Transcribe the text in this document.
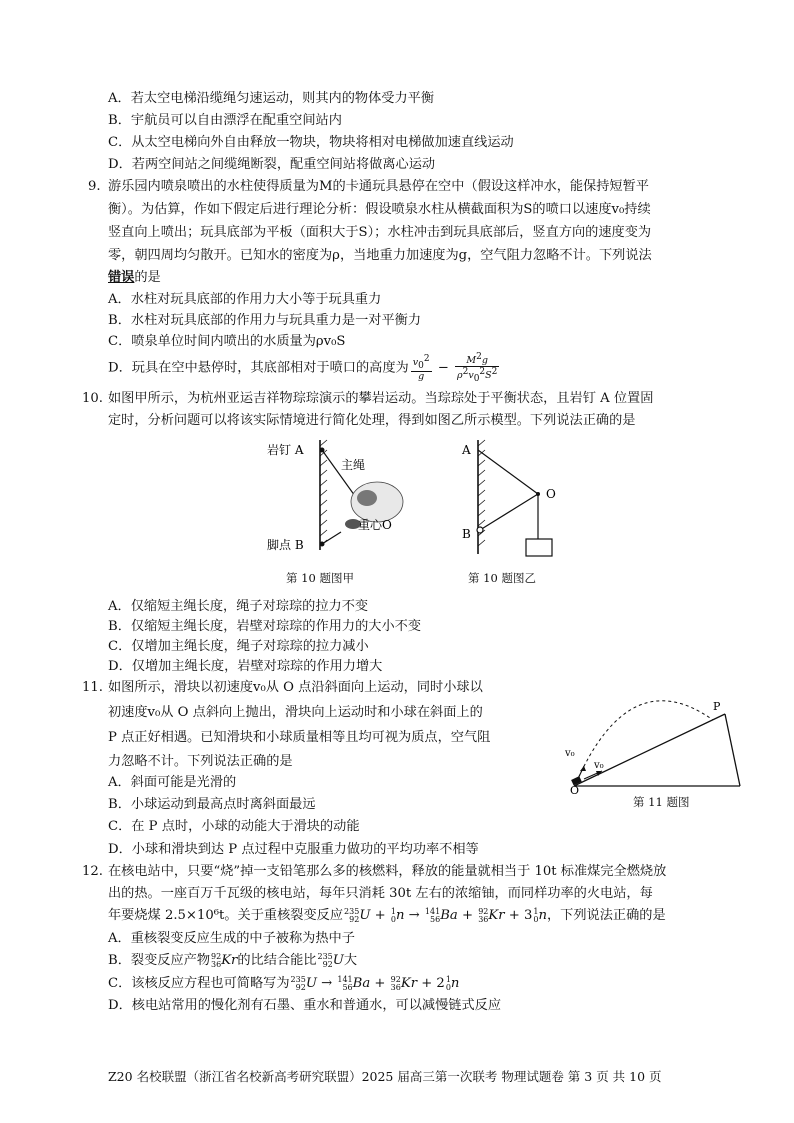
A．若太空电梯沿缆绳匀速运动，则其内的物体受力平衡
B．宇航员可以自由漂浮在配重空间站内
C．从太空电梯向外自由释放一物块，物块将相对电梯做加速直线运动
D．若两空间站之间缆绳断裂，配重空间站将做离心运动
9. 游乐园内喷泉喷出的水柱使得质量为M的卡通玩具悬停在空中（假设这样冲水，能保持短暂平
衡）。为估算，作如下假定后进行理论分析：假设喷泉水柱从横截面积为S的喷口以速度v₀持续
竖直向上喷出；玩具底部为平板（面积大于S）；水柱冲击到玩具底部后，竖直方向的速度变为
零，朝四周均匀散开。已知水的密度为ρ，当地重力加速度为g，空气阻力忽略不计。下列说法
错误的是
A．水柱对玩具底部的作用力大小等于玩具重力
B．水柱对玩具底部的作用力与玩具重力是一对平衡力
C．喷泉单位时间内喷出的水质量为ρv₀S
D．玩具在空中悬停时，其底部相对于喷口的高度为 $\frac{v_0^2}{g} - \frac{M^2g}{\rho^2v_0^2S^2}$
10. 如图甲所示，为杭州亚运吉祥物琮琮演示的攀岩运动。当琮琮处于平衡状态，且岩钉 A 位置固
定时，分析问题可以将该实际情境进行简化处理，得到如图乙所示模型。下列说法正确的是
岩钉 A
主绳
重心O
脚点 B
第 10 题图甲
A
O
B
第 10 题图乙
A．仅缩短主绳长度，绳子对琮琮的拉力不变
B．仅缩短主绳长度，岩壁对琮琮的作用力的大小不变
C．仅增加主绳长度，绳子对琮琮的拉力减小
D．仅增加主绳长度，岩壁对琮琮的作用力增大
11. 如图所示，滑块以初速度v₀从 O 点沿斜面向上运动，同时小球以
初速度v₀从 O 点斜向上抛出，滑块向上运动时和小球在斜面上的
P 点正好相遇。已知滑块和小球质量相等且均可视为质点，空气阻
力忽略不计。下列说法正确的是
A．斜面可能是光滑的
B．小球运动到最高点时离斜面最远
C．在 P 点时，小球的动能大于滑块的动能
D．小球和滑块到达 P 点过程中克服重力做功的平均功率不相等
P
v₀
v₀
O
第 11 题图
12. 在核电站中，只要“烧”掉一支铅笔那么多的核燃料，释放的能量就相当于 10t 标准煤完全燃烧放
出的热。一座百万千瓦级的核电站，每年只消耗 30t 左右的浓缩铀，而同样功率的火电站，每
年要烧煤 2.5×10⁶t。关于重核裂变反应 235
92 U + 1
0 n → 141
56 Ba + 92
36 Kr + 3 1
0 n，下列说法正确的是
A．重核裂变反应生成的中子被称为热中子
B．裂变反应产物 92
36 Kr的比结合能比 235
92 U大
C．该核反应方程也可简略写为 235
92 U → 141
56 Ba + 92
36 Kr + 2 1
0 n
D．核电站常用的慢化剂有石墨、重水和普通水，可以减慢链式反应
Z20 名校联盟（浙江省名校新高考研究联盟）2025 届高三第一次联考 物理试题卷 第 3 页 共 10 页
